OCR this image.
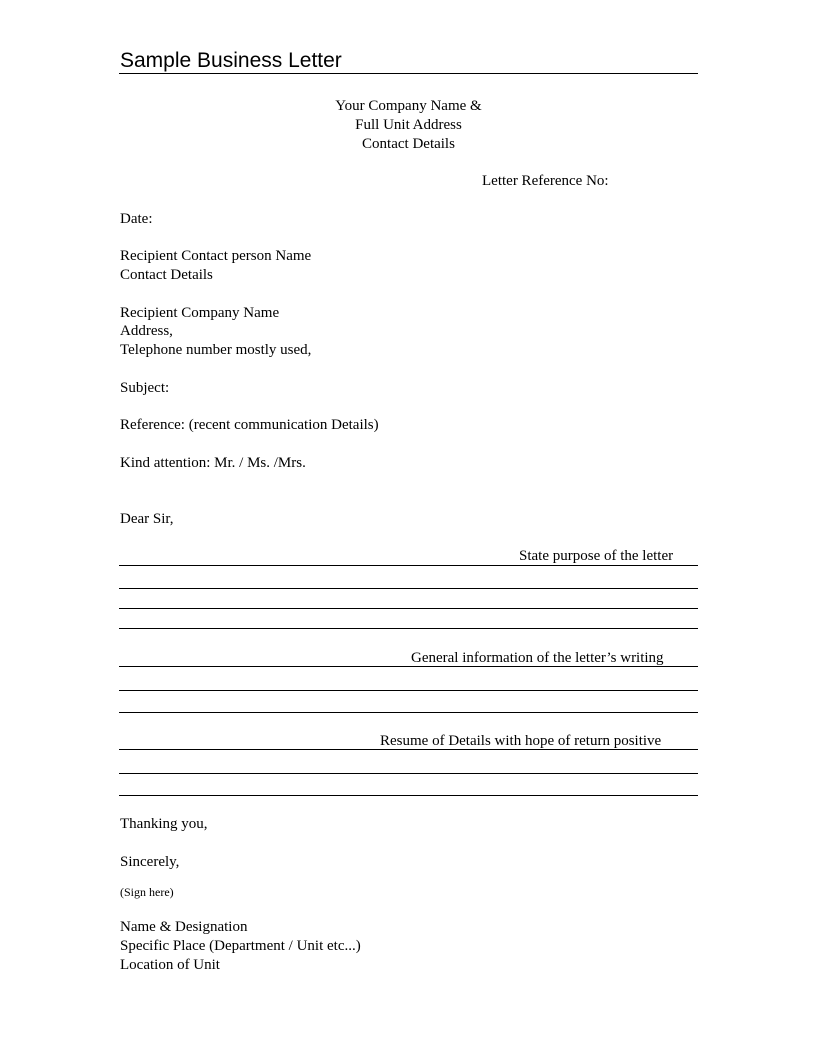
Sample Business Letter
Your Company Name &
Full Unit Address
Contact Details
Letter Reference No:
Date:
Recipient Contact person Name
Contact Details
Recipient Company Name
Address,
Telephone number mostly used,
Subject:
Reference: (recent communication Details)
Kind attention: Mr. / Ms. /Mrs.
Dear Sir,
State purpose of the letter
General information of the letter’s writing
Resume of Details with hope of return positive
Thanking you,
Sincerely,
(Sign here)
Name & Designation
Specific Place (Department / Unit etc...)
Location of Unit
